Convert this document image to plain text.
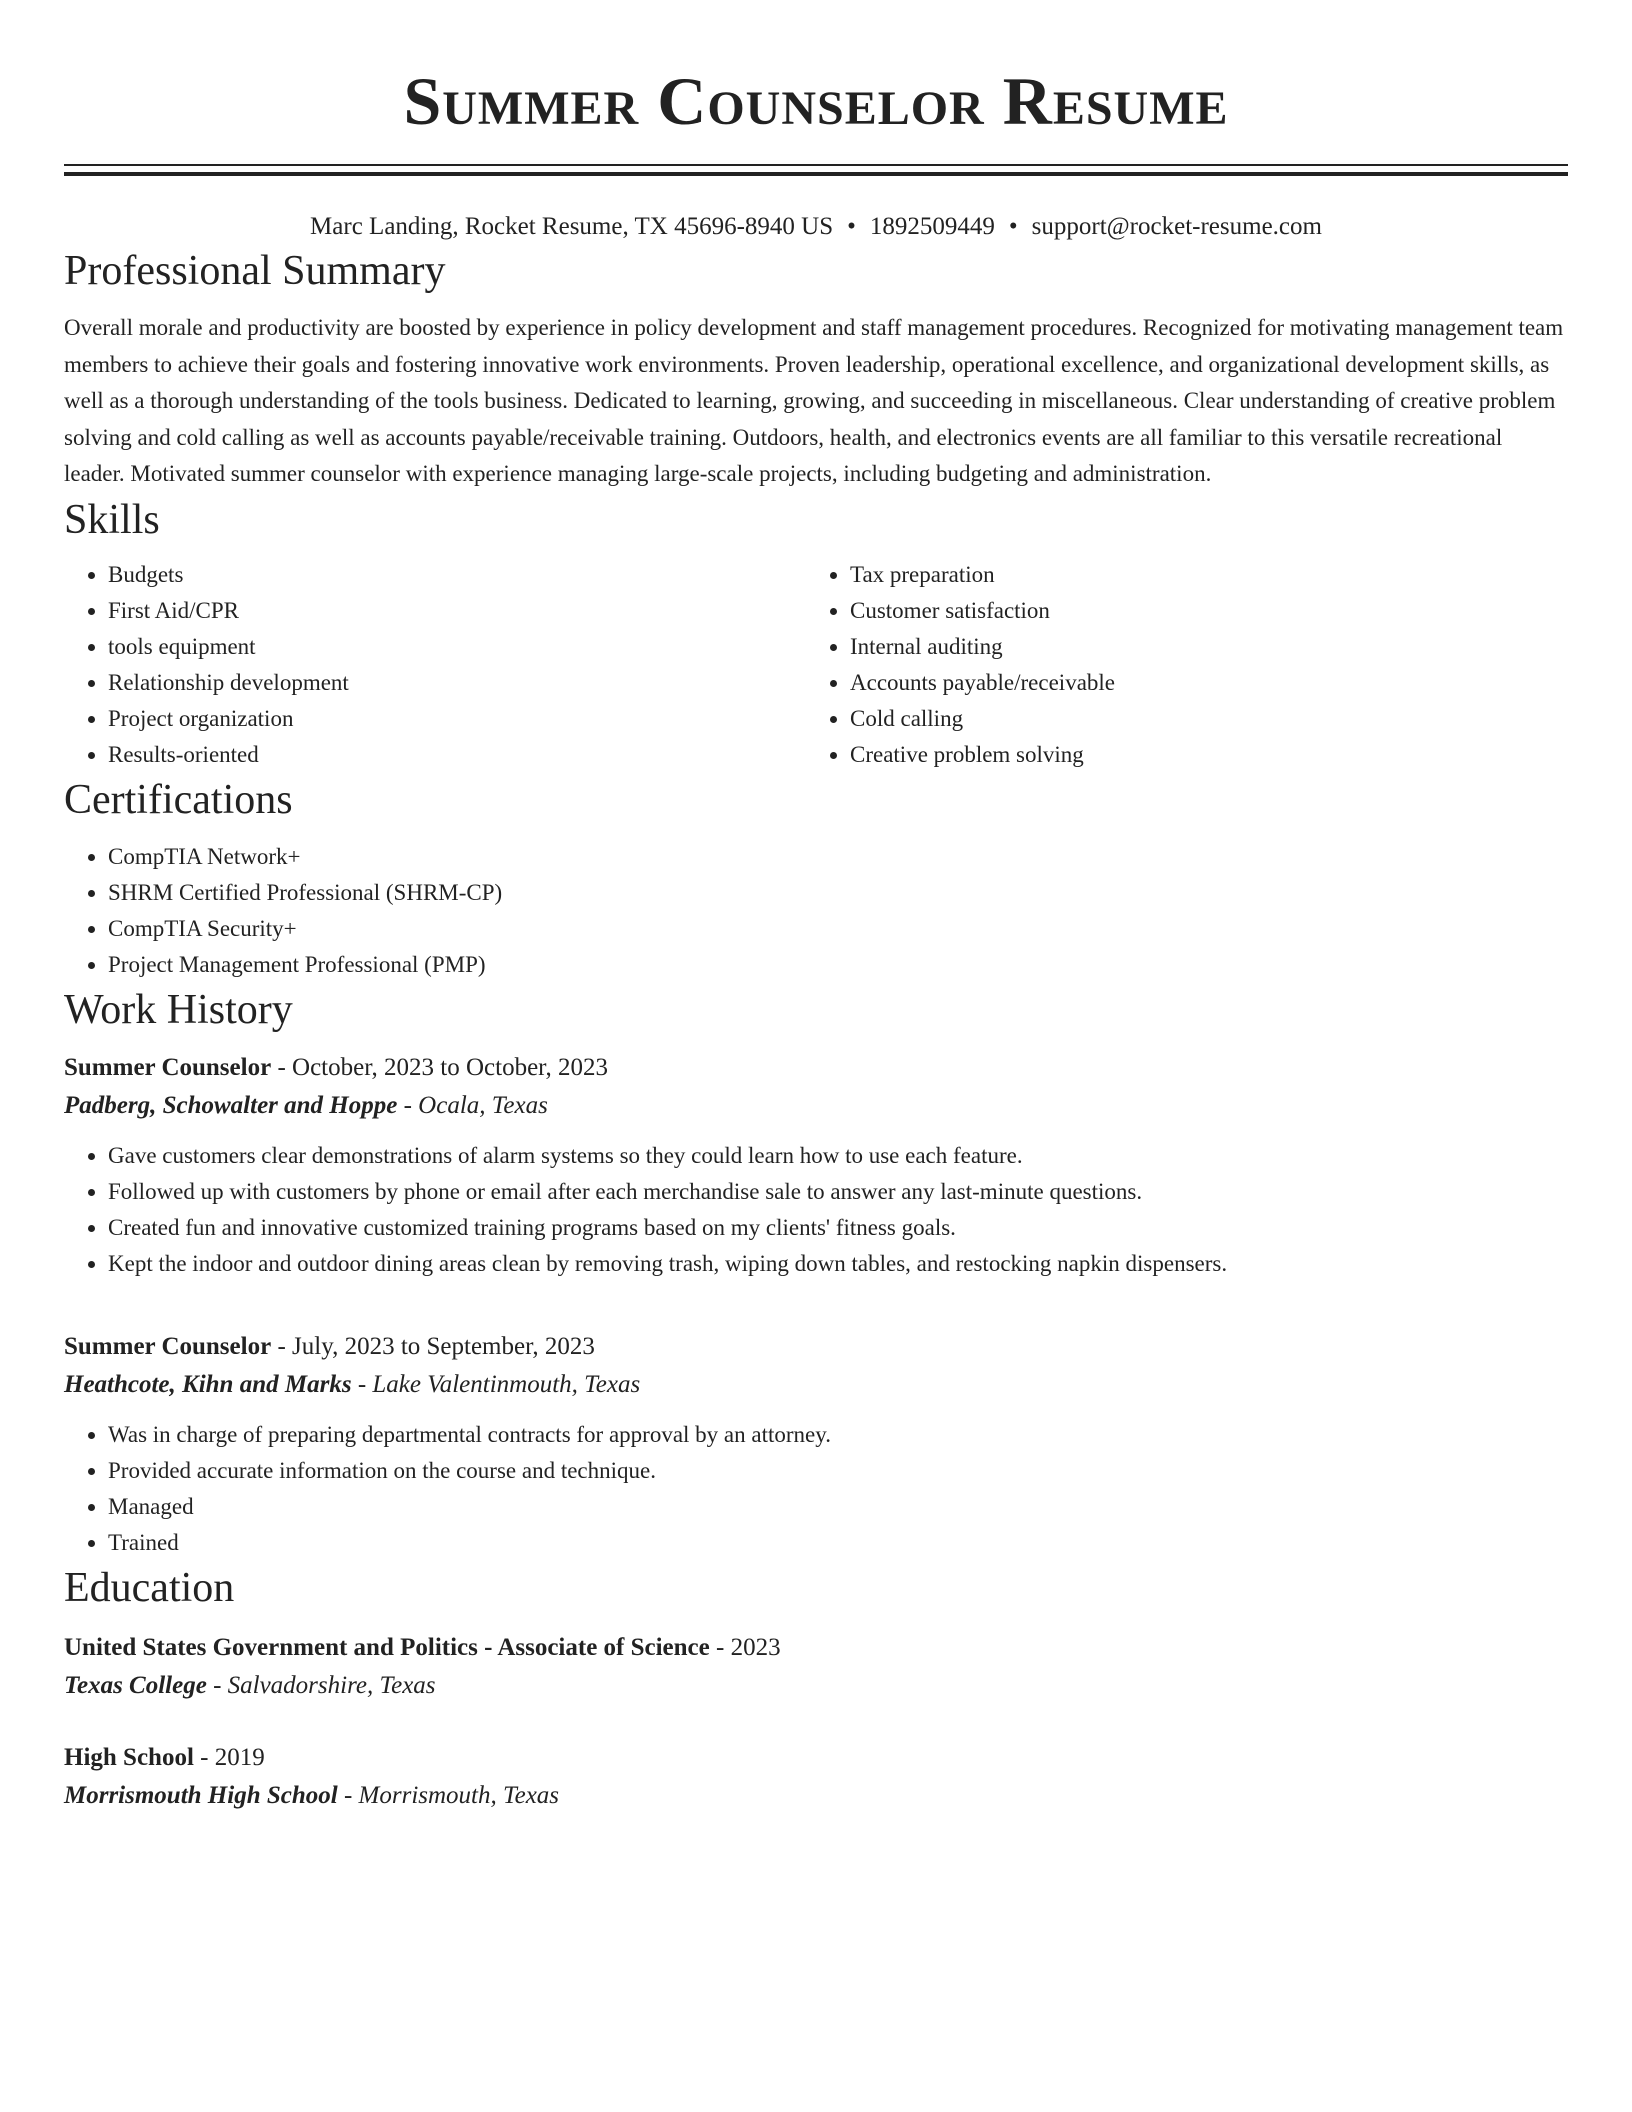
Summer Counselor Resume
Marc Landing, Rocket Resume, TX 45696-8940 US • 1892509449 • support@rocket-resume.com
Professional Summary

Overall morale and productivity are boosted by experience in policy development and staff management procedures. Recognized for motivating management team members to achieve their goals and fostering innovative work environments. Proven leadership, operational excellence, and organizational development skills, as well as a thorough understanding of the tools business. Dedicated to learning, growing, and succeeding in miscellaneous. Clear understanding of creative problem solving and cold calling as well as accounts payable/receivable training. Outdoors, health, and electronics events are all familiar to this versatile recreational leader. Motivated summer counselor with experience managing large-scale projects, including budgeting and administration.

Skills
• Budgets
• First Aid/CPR
• tools equipment
• Relationship development
• Project organization
• Results-oriented
• Tax preparation
• Customer satisfaction
• Internal auditing
• Accounts payable/receivable
• Cold calling
• Creative problem solving
Certifications
• CompTIA Network+
• SHRM Certified Professional (SHRM-CP)
• CompTIA Security+
• Project Management Professional (PMP)
Work History
Summer Counselor - October, 2023 to October, 2023
Padberg, Schowalter and Hoppe - Ocala, Texas
• Gave customers clear demonstrations of alarm systems so they could learn how to use each feature.
• Followed up with customers by phone or email after each merchandise sale to answer any last-minute questions.
• Created fun and innovative customized training programs based on my clients' fitness goals.
• Kept the indoor and outdoor dining areas clean by removing trash, wiping down tables, and restocking napkin dispensers.
Summer Counselor - July, 2023 to September, 2023
Heathcote, Kihn and Marks - Lake Valentinmouth, Texas
• Was in charge of preparing departmental contracts for approval by an attorney.
• Provided accurate information on the course and technique.
• Managed
• Trained
Education
United States Government and Politics - Associate of Science - 2023
Texas College - Salvadorshire, Texas
High School - 2019
Morrismouth High School - Morrismouth, Texas
